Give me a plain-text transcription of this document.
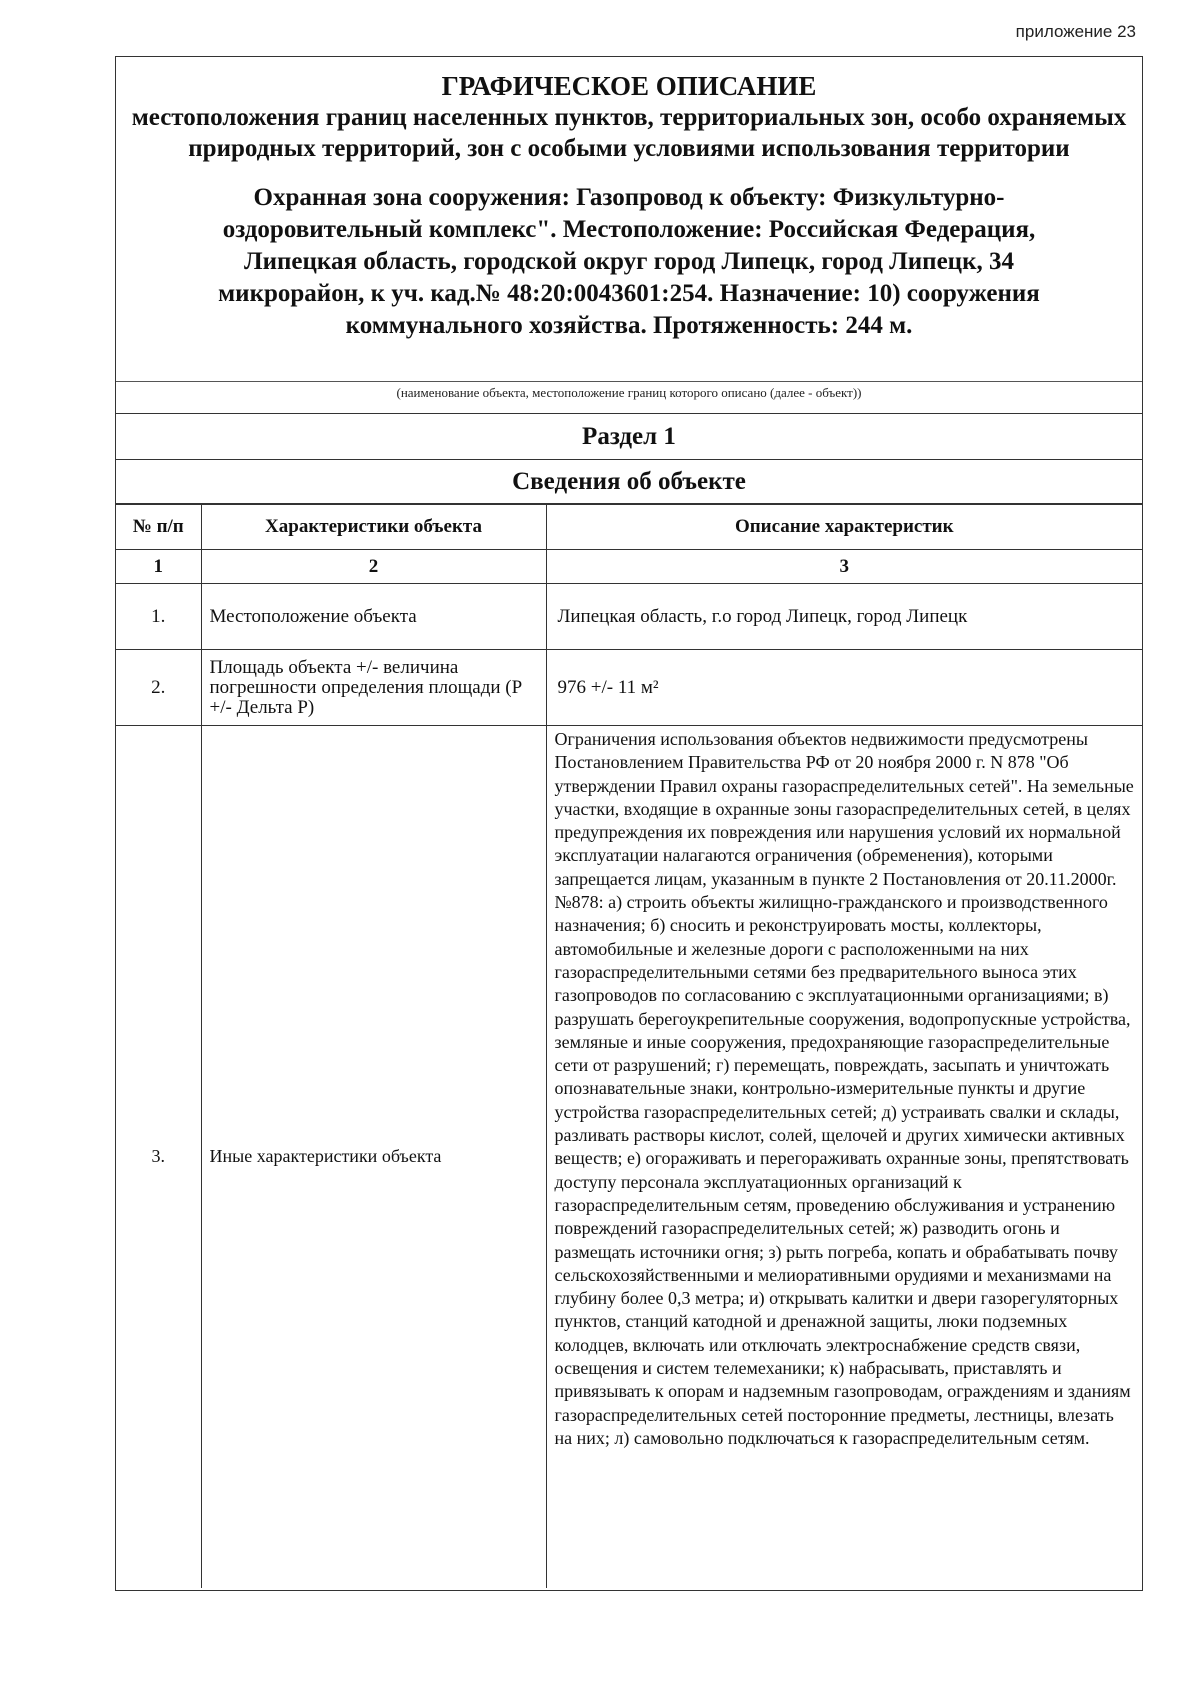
приложение 23
ГРАФИЧЕСКОЕ ОПИСАНИЕ
местоположения границ населенных пунктов, территориальных зон, особо охраняемых природных территорий, зон с особыми условиями использования территории
Охранная зона сооружения: Газопровод к объекту: Физкультурно-
оздоровительный комплекс". Местоположение: Российская Федерация,
Липецкая область, городской округ город Липецк, город Липецк, 34
микрорайон, к уч. кад.№ 48:20:0043601:254. Назначение: 10) сооружения
коммунального хозяйства. Протяженность: 244 м.
(наименование объекта, местоположение границ которого описано (далее - объект))
Раздел 1
Сведения об объекте
№ п/п	Характеристики объекта	Описание характеристик
1	2	3
1.	Местоположение объекта	Липецкая область, г.о город Липецк, город Липецк
2.	Площадь объекта +/- величина погрешности определения площади (Р +/- Дельта Р)	976 +/- 11 м²
3.	Иные характеристики объекта	Ограничения использования объектов недвижимости предусмотрены Постановлением Правительства РФ от 20 ноября 2000 г. N 878 "Об утверждении Правил охраны газораспределительных сетей". На земельные участки, входящие в охранные зоны газораспределительных сетей, в целях предупреждения их повреждения или нарушения условий их нормальной эксплуатации налагаются ограничения (обременения), которыми запрещается лицам, указанным в пункте 2 Постановления от 20.11.2000г. №878: а) строить объекты жилищно-гражданского и производственного назначения; б) сносить и реконструировать мосты, коллекторы, автомобильные и железные дороги с расположенными на них газораспределительными сетями без предварительного выноса этих газопроводов по согласованию с эксплуатационными организациями; в) разрушать берегоукрепительные сооружения, водопропускные устройства, земляные и иные сооружения, предохраняющие газораспределительные сети от разрушений; г) перемещать, повреждать, засыпать и уничтожать опознавательные знаки, контрольно-измерительные пункты и другие устройства газораспределительных сетей; д) устраивать свалки и склады, разливать растворы кислот, солей, щелочей и других химически активных веществ; е) огораживать и перегораживать охранные зоны, препятствовать доступу персонала эксплуатационных организаций к газораспределительным сетям, проведению обслуживания и устранению повреждений газораспределительных сетей; ж) разводить огонь и размещать источники огня; з) рыть погреба, копать и обрабатывать почву сельскохозяйственными и мелиоративными орудиями и механизмами на глубину более 0,3 метра; и) открывать калитки и двери газорегуляторных пунктов, станций катодной и дренажной защиты, люки подземных колодцев, включать или отключать электроснабжение средств связи, освещения и систем телемеханики; к) набрасывать, приставлять и привязывать к опорам и надземным газопроводам, ограждениям и зданиям газораспределительных сетей посторонние предметы, лестницы, влезать на них; л) самовольно подключаться к газораспределительным сетям.
